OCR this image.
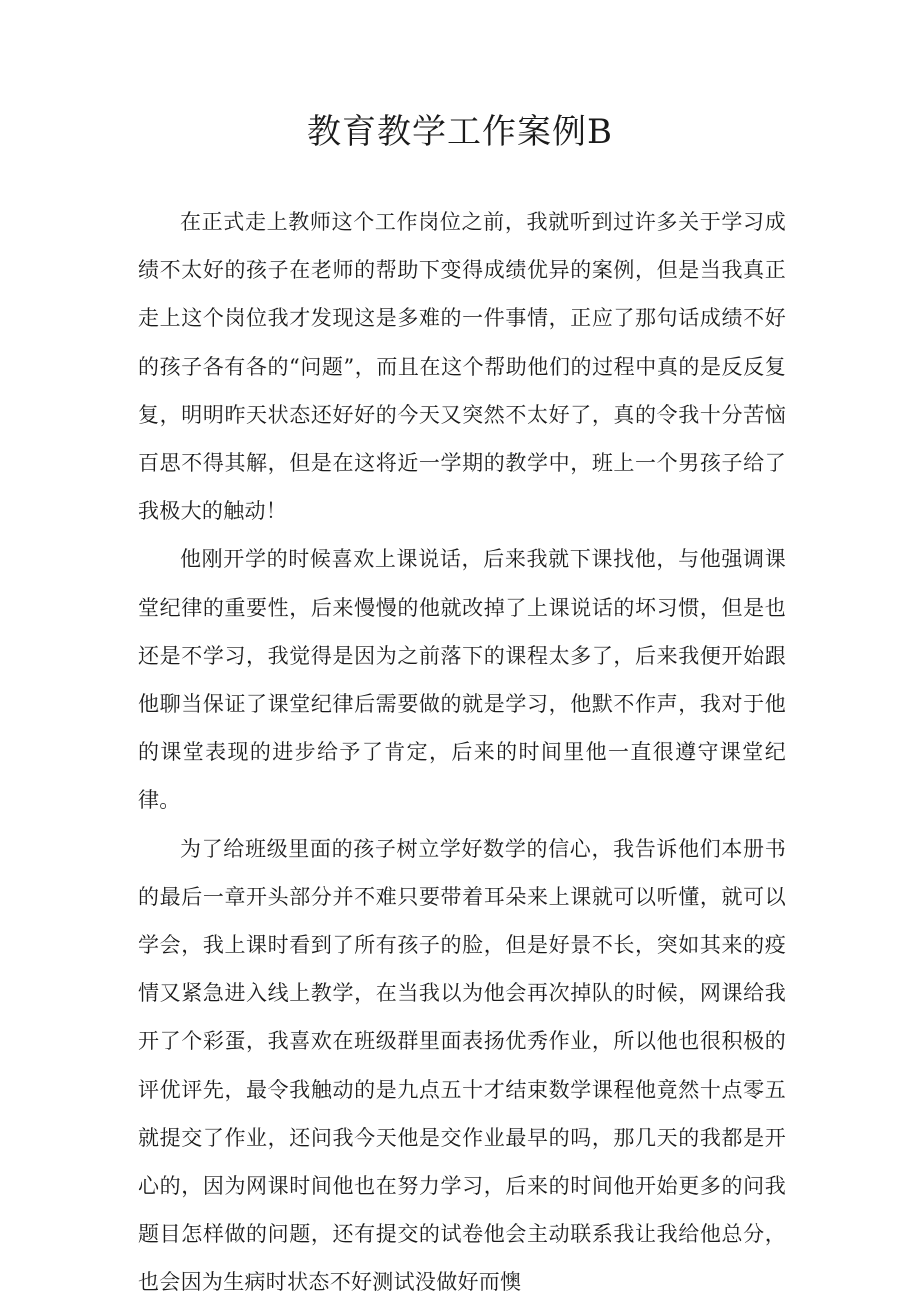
教育教学工作案例B

在正式走上教师这个工作岗位之前，我就听到过许多关于学习成绩不太好的孩子在老师的帮助下变得成绩优异的案例，但是当我真正走上这个岗位我才发现这是多难的一件事情，正应了那句话成绩不好的孩子各有各的“问题”，而且在这个帮助他们的过程中真的是反反复复，明明昨天状态还好好的今天又突然不太好了，真的令我十分苦恼百思不得其解，但是在这将近一学期的教学中，班上一个男孩子给了我极大的触动！

他刚开学的时候喜欢上课说话，后来我就下课找他，与他强调课堂纪律的重要性，后来慢慢的他就改掉了上课说话的坏习惯，但是也还是不学习，我觉得是因为之前落下的课程太多了，后来我便开始跟他聊当保证了课堂纪律后需要做的就是学习，他默不作声，我对于他的课堂表现的进步给予了肯定，后来的时间里他一直很遵守课堂纪律。

为了给班级里面的孩子树立学好数学的信心，我告诉他们本册书的最后一章开头部分并不难只要带着耳朵来上课就可以听懂，就可以学会，我上课时看到了所有孩子的脸，但是好景不长，突如其来的疫情又紧急进入线上教学，在当我以为他会再次掉队的时候，网课给我开了个彩蛋，我喜欢在班级群里面表扬优秀作业，所以他也很积极的评优评先，最令我触动的是九点五十才结束数学课程他竟然十点零五就提交了作业，还问我今天他是交作业最早的吗，那几天的我都是开心的，因为网课时间他也在努力学习，后来的时间他开始更多的问我题目怎样做的问题，还有提交的试卷他会主动联系我让我给他总分，也会因为生病时状态不好测试没做好而懊
